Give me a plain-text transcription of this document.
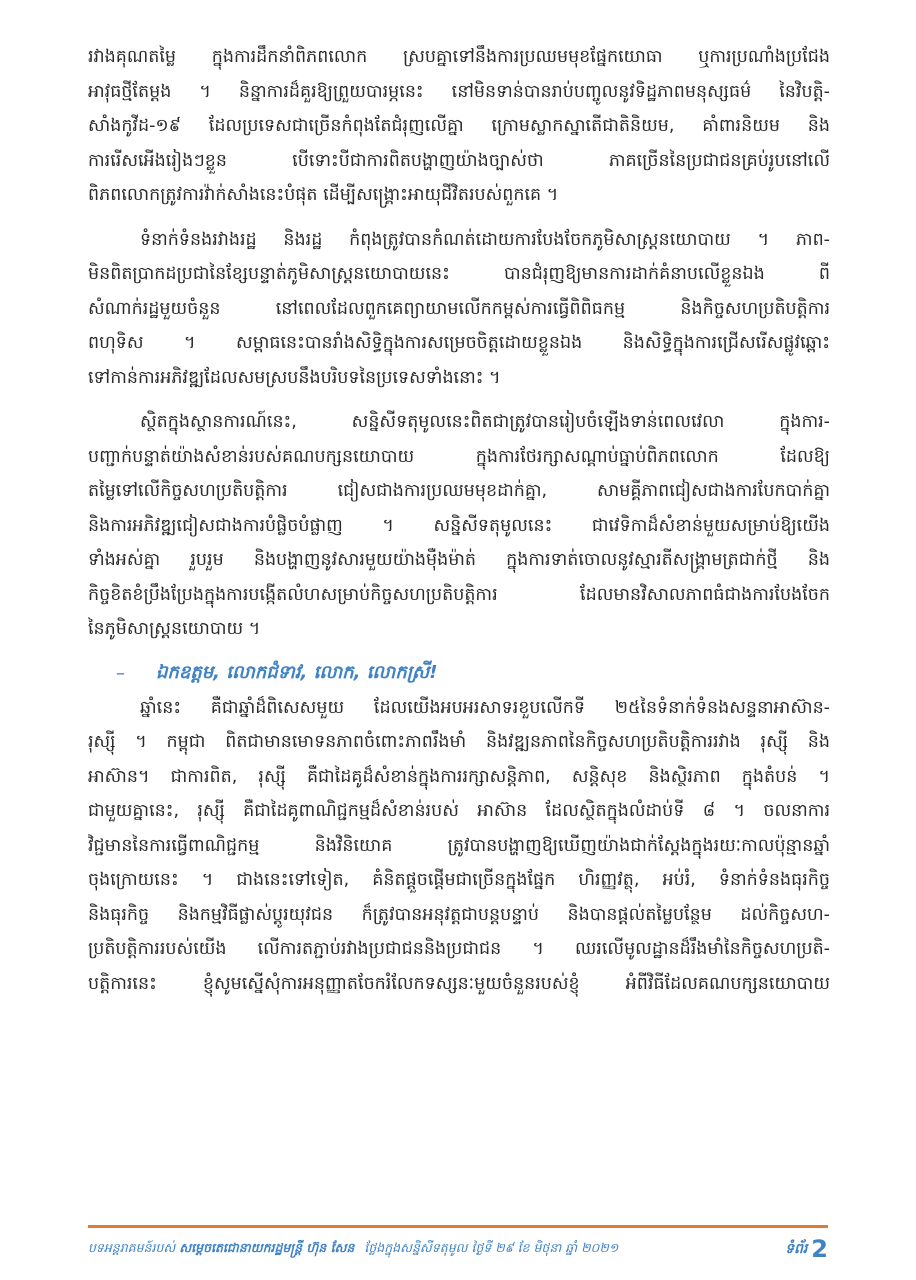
រវាងគុណតម្លៃ ក្នុងការដឹកនាំពិភពលោក ស្របគ្នាទៅនឹងការប្រឈមមុខផ្នែកយោធា ឬការប្រណាំងប្រជែង
អាវុធថ្មីតែម្តង ។ និន្នាការដ៏គួរឱ្យព្រួយបារម្ភនេះ នៅមិនទាន់បានរាប់បញ្ចូលនូវទិដ្ឋភាពមនុស្សធម៌ នៃវិបត្តិ-
សាំងកូវីដ-១៩ ដែលប្រទេសជាច្រើនកំពុងតែជំរុញលើគ្នា ក្រោមស្លាកស្នាតើជាតិនិយម, គាំពារនិយម និង
ការរើសអើងរៀងៗខ្លួន បើទោះបីជាការពិតបង្ហាញយ៉ាងច្បាស់ថា ភាគច្រើននៃប្រជាជនគ្រប់រូបនៅលើ
ពិភពលោកត្រូវការវ៉ាក់សាំងនេះបំផុត ដើម្បីសង្គ្រោះអាយុជីវិតរបស់ពួកគេ ។
ទំនាក់ទំនងរវាងរដ្ឋ និងរដ្ឋ កំពុងត្រូវបានកំណត់ដោយការបែងចែកភូមិសាស្ត្រនយោបាយ ។ ភាព-
មិនពិតប្រាកដប្រជានៃខ្សែបន្ទាត់ភូមិសាស្ត្រនយោបាយនេះ បានជំរុញឱ្យមានការដាក់គំនាបលើខ្លួនឯង ពី
សំណាក់រដ្ឋមួយចំនួន នៅពេលដែលពួកគេព្យាយាមលើកកម្ពស់ការធ្វើពិពិធកម្ម និងកិច្ចសហប្រតិបត្តិការ
ពហុទិស ។ សម្ពាធនេះបានរាំងសិទ្ធិក្នុងការសម្រេចចិត្តដោយខ្លួនឯង និងសិទ្ធិក្នុងការជ្រើសរើសផ្លូវឆ្ពោះ
ទៅកាន់ការអភិវឌ្ឍដែលសមស្របនឹងបរិបទនៃប្រទេសទាំងនោះ ។
ស្ថិតក្នុងស្ថានការណ៍នេះ, សន្និសីទតុមូលនេះពិតជាត្រូវបានរៀបចំឡើងទាន់ពេលវេលា ក្នុងការ-
បញ្ជាក់បន្ទាត់យ៉ាងសំខាន់របស់គណបក្សនយោបាយ ក្នុងការថែរក្សាសណ្តាប់ធ្នាប់ពិភពលោក ដែលឱ្យ
តម្លៃទៅលើកិច្ចសហប្រតិបត្តិការ ជៀសជាងការប្រឈមមុខដាក់គ្នា, សាមគ្គីភាពជៀសជាងការបែកបាក់គ្នា
និងការអភិវឌ្ឍជៀសជាងការបំផ្លិចបំផ្លាញ ។ សន្និសីទតុមូលនេះ ជាវេទិកាដ៏សំខាន់មួយសម្រាប់ឱ្យយើង
ទាំងអស់គ្នា រួបរួម និងបង្ហាញនូវសារមួយយ៉ាងម៉ឺងម៉ាត់ ក្នុងការទាត់ចោលនូវស្មារតីសង្គ្រាមត្រជាក់ថ្មី និង
កិច្ចខិតខំប្រឹងប្រែងក្នុងការបង្កើតលំហសម្រាប់កិច្ចសហប្រតិបត្តិការ ដែលមានវិសាលភាពធំជាងការបែងចែក
នៃភូមិសាស្ត្រនយោបាយ ។
– ឯកឧត្តម, លោកជំទាវ, លោក, លោកស្រី!
ឆ្នាំនេះ គឺជាឆ្នាំដ៏ពិសេសមួយ ដែលយើងអបអរសាទរខួបលើកទី ២៥នៃទំនាក់ទំនងសន្ទនាអាស៊ាន-
រុស្ស៊ី ។ កម្ពុជា ពិតជាមានមោទនភាពចំពោះភាពរឹងមាំ និងវឌ្ឍនភាពនៃកិច្ចសហប្រតិបត្តិការរវាង រុស្ស៊ី និង
អាស៊ាន។ ជាការពិត, រុស្ស៊ី គឺជាដៃគូដ៏សំខាន់ក្នុងការរក្សាសន្តិភាព, សន្តិសុខ និងស្ថិរភាព ក្នុងតំបន់ ។
ជាមួយគ្នានេះ, រុស្ស៊ី គឺជាដៃគូពាណិជ្ជកម្មដ៏សំខាន់របស់ អាស៊ាន ដែលស្ថិតក្នុងលំដាប់ទី ៨ ។ ចលនាការ
វិជ្ជមាននៃការធ្វើពាណិជ្ជកម្ម និងវិនិយោគ ត្រូវបានបង្ហាញឱ្យឃើញយ៉ាងជាក់ស្តែងក្នុងរយៈកាលប៉ុន្មានឆ្នាំ
ចុងក្រោយនេះ ។ ជាងនេះទៅទៀត, គំនិតផ្តួចផ្តើមជាច្រើនក្នុងផ្នែក ហិរញ្ញវត្ថុ, អប់រំ, ទំនាក់ទំនងធុរកិច្ច
និងធុរកិច្ច និងកម្មវិធីផ្លាស់ប្តូរយុវជន ក៏ត្រូវបានអនុវត្តជាបន្តបន្ទាប់ និងបានផ្តល់តម្លៃបន្ថែម ដល់កិច្ចសហ-
ប្រតិបត្តិការរបស់យើង លើការតភ្ជាប់រវាងប្រជាជននិងប្រជាជន ។ ឈរលើមូលដ្ឋានដ៏រឹងមាំនៃកិច្ចសហប្រតិ-
បត្តិការនេះ ខ្ញុំសូមស្នើសុំការអនុញ្ញាតចែករំលែកទស្សនៈមួយចំនួនរបស់ខ្ញុំ អំពីវិធីដែលគណបក្សនយោបាយ
បទអន្តរាគមន៍របស់ សម្តេចតេជោនាយករដ្ឋមន្ត្រី ហ៊ុន សែន ថ្លែងក្នុងសន្និសីទតុមូល ថ្ងៃទី ២៩ ខែ មិថុនា ឆ្នាំ ២០២១	ទំព័រ 2
